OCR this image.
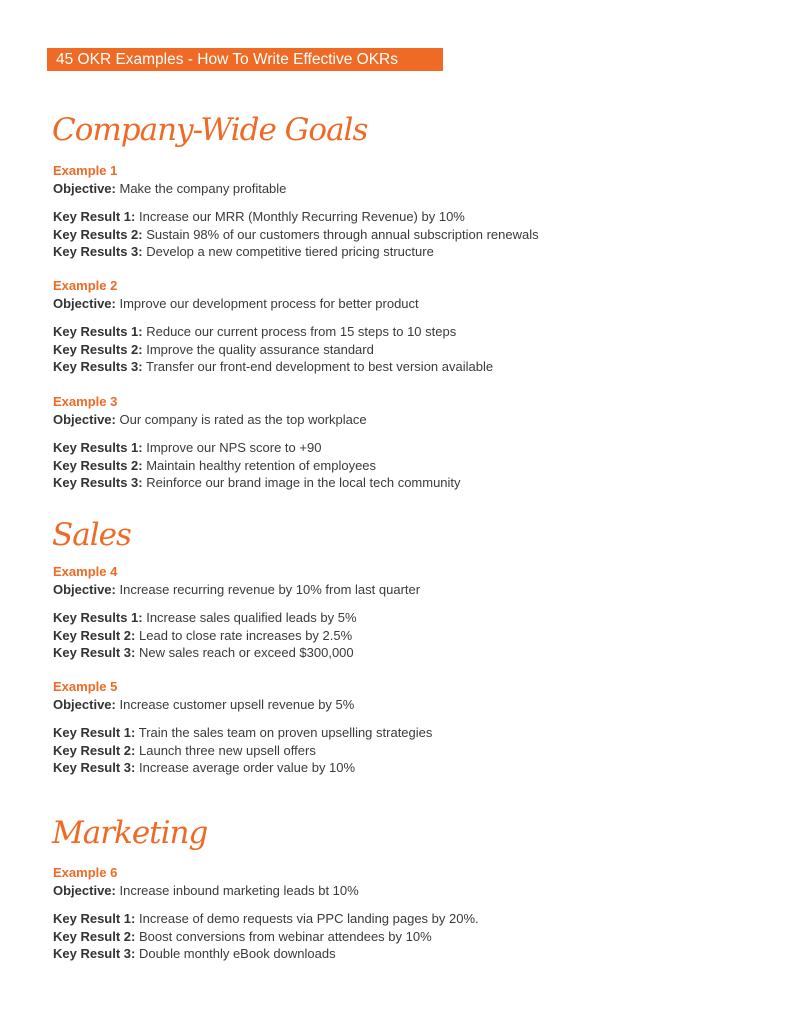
45 OKR Examples - How To Write Effective OKRs
Company-Wide Goals
Example 1
Objective: Make the company profitable
Key Result 1: Increase our MRR (Monthly Recurring Revenue) by 10%
Key Results 2: Sustain 98% of our customers through annual subscription renewals
Key Results 3: Develop a new competitive tiered pricing structure
Example 2
Objective: Improve our development process for better product
Key Results 1: Reduce our current process from 15 steps to 10 steps
Key Results 2: Improve the quality assurance standard
Key Results 3: Transfer our front-end development to best version available
Example 3
Objective: Our company is rated as the top workplace
Key Results 1: Improve our NPS score to +90
Key Results 2: Maintain healthy retention of employees
Key Results 3: Reinforce our brand image in the local tech community
Sales
Example 4
Objective: Increase recurring revenue by 10% from last quarter
Key Results 1: Increase sales qualified leads by 5%
Key Result 2: Lead to close rate increases by 2.5%
Key Result 3: New sales reach or exceed $300,000
Example 5
Objective: Increase customer upsell revenue by 5%
Key Result 1: Train the sales team on proven upselling strategies
Key Result 2: Launch three new upsell offers
Key Result 3: Increase average order value by 10%
Marketing
Example 6
Objective: Increase inbound marketing leads bt 10%
Key Result 1: Increase of demo requests via PPC landing pages by 20%.
Key Result 2: Boost conversions from webinar attendees by 10%
Key Result 3: Double monthly eBook downloads
